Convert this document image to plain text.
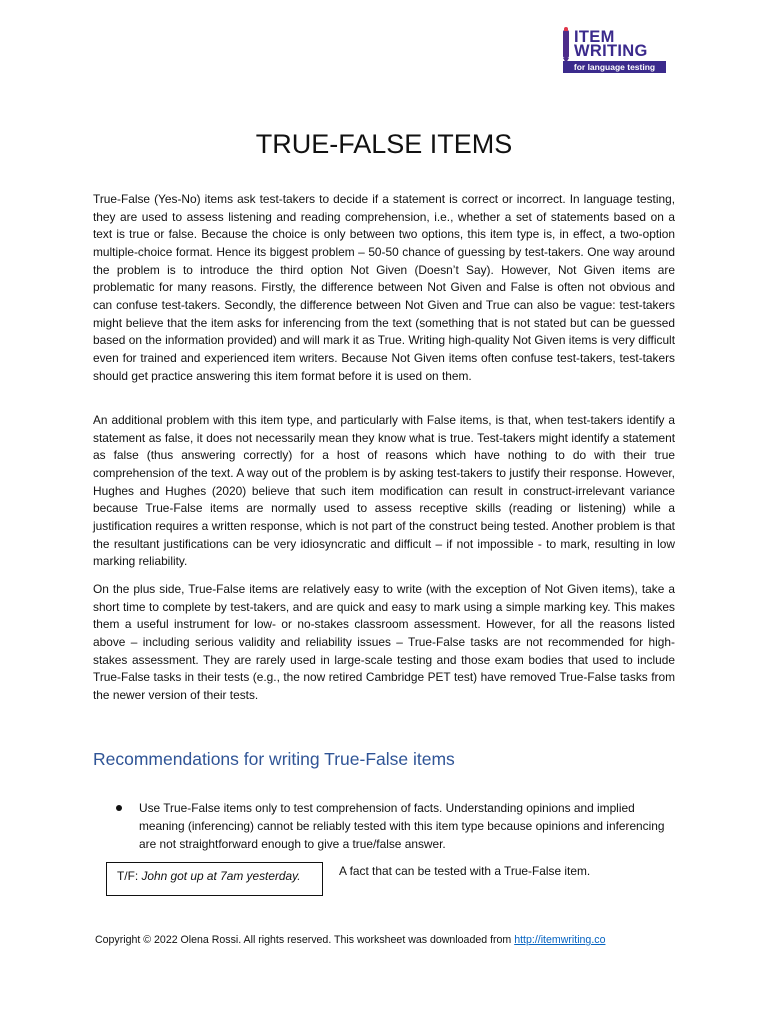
ITEM
WRITING
for language testing
TRUE-FALSE ITEMS

True-False (Yes-No) items ask test-takers to decide if a statement is correct or incorrect. In language testing, they are used to assess listening and reading comprehension, i.e., whether a set of statements based on a text is true or false. Because the choice is only between two options, this item type is, in effect, a two-option multiple-choice format. Hence its biggest problem – 50-50 chance of guessing by test-takers. One way around the problem is to introduce the third option Not Given (Doesn’t Say). However, Not Given items are problematic for many reasons. Firstly, the difference between Not Given and False is often not obvious and can confuse test-takers. Secondly, the difference between Not Given and True can also be vague: test-takers might believe that the item asks for inferencing from the text (something that is not stated but can be guessed based on the information provided) and will mark it as True. Writing high-quality Not Given items is very difficult even for trained and experienced item writers. Because Not Given items often confuse test-takers, test-takers should get practice answering this item format before it is used on them.

An additional problem with this item type, and particularly with False items, is that, when test-takers identify a statement as false, it does not necessarily mean they know what is true. Test-takers might identify a statement as false (thus answering correctly) for a host of reasons which have nothing to do with their true comprehension of the text. A way out of the problem is by asking test-takers to justify their response. However, Hughes and Hughes (2020) believe that such item modification can result in construct-irrelevant variance because True-False items are normally used to assess receptive skills (reading or listening) while a justification requires a written response, which is not part of the construct being tested. Another problem is that the resultant justifications can be very idiosyncratic and difficult – if not impossible - to mark, resulting in low marking reliability.

On the plus side, True-False items are relatively easy to write (with the exception of Not Given items), take a short time to complete by test-takers, and are quick and easy to mark using a simple marking key. This makes them a useful instrument for low- or no-stakes classroom assessment. However, for all the reasons listed above – including serious validity and reliability issues – True-False tasks are not recommended for high-stakes assessment. They are rarely used in large-scale testing and those exam bodies that used to include True-False tasks in their tests (e.g., the now retired Cambridge PET test) have removed True-False tasks from the newer version of their tests.

Recommendations for writing True-False items
Use True-False items only to test comprehension of facts. Understanding opinions and implied meaning (inferencing) cannot be reliably tested with this item type because opinions and inferencing are not straightforward enough to give a true/false answer.
T/F: John got up at 7am yesterday.	A fact that can be tested with a True-False item.
Copyright © 2022 Olena Rossi. All rights reserved. This worksheet was downloaded from http://itemwriting.co
